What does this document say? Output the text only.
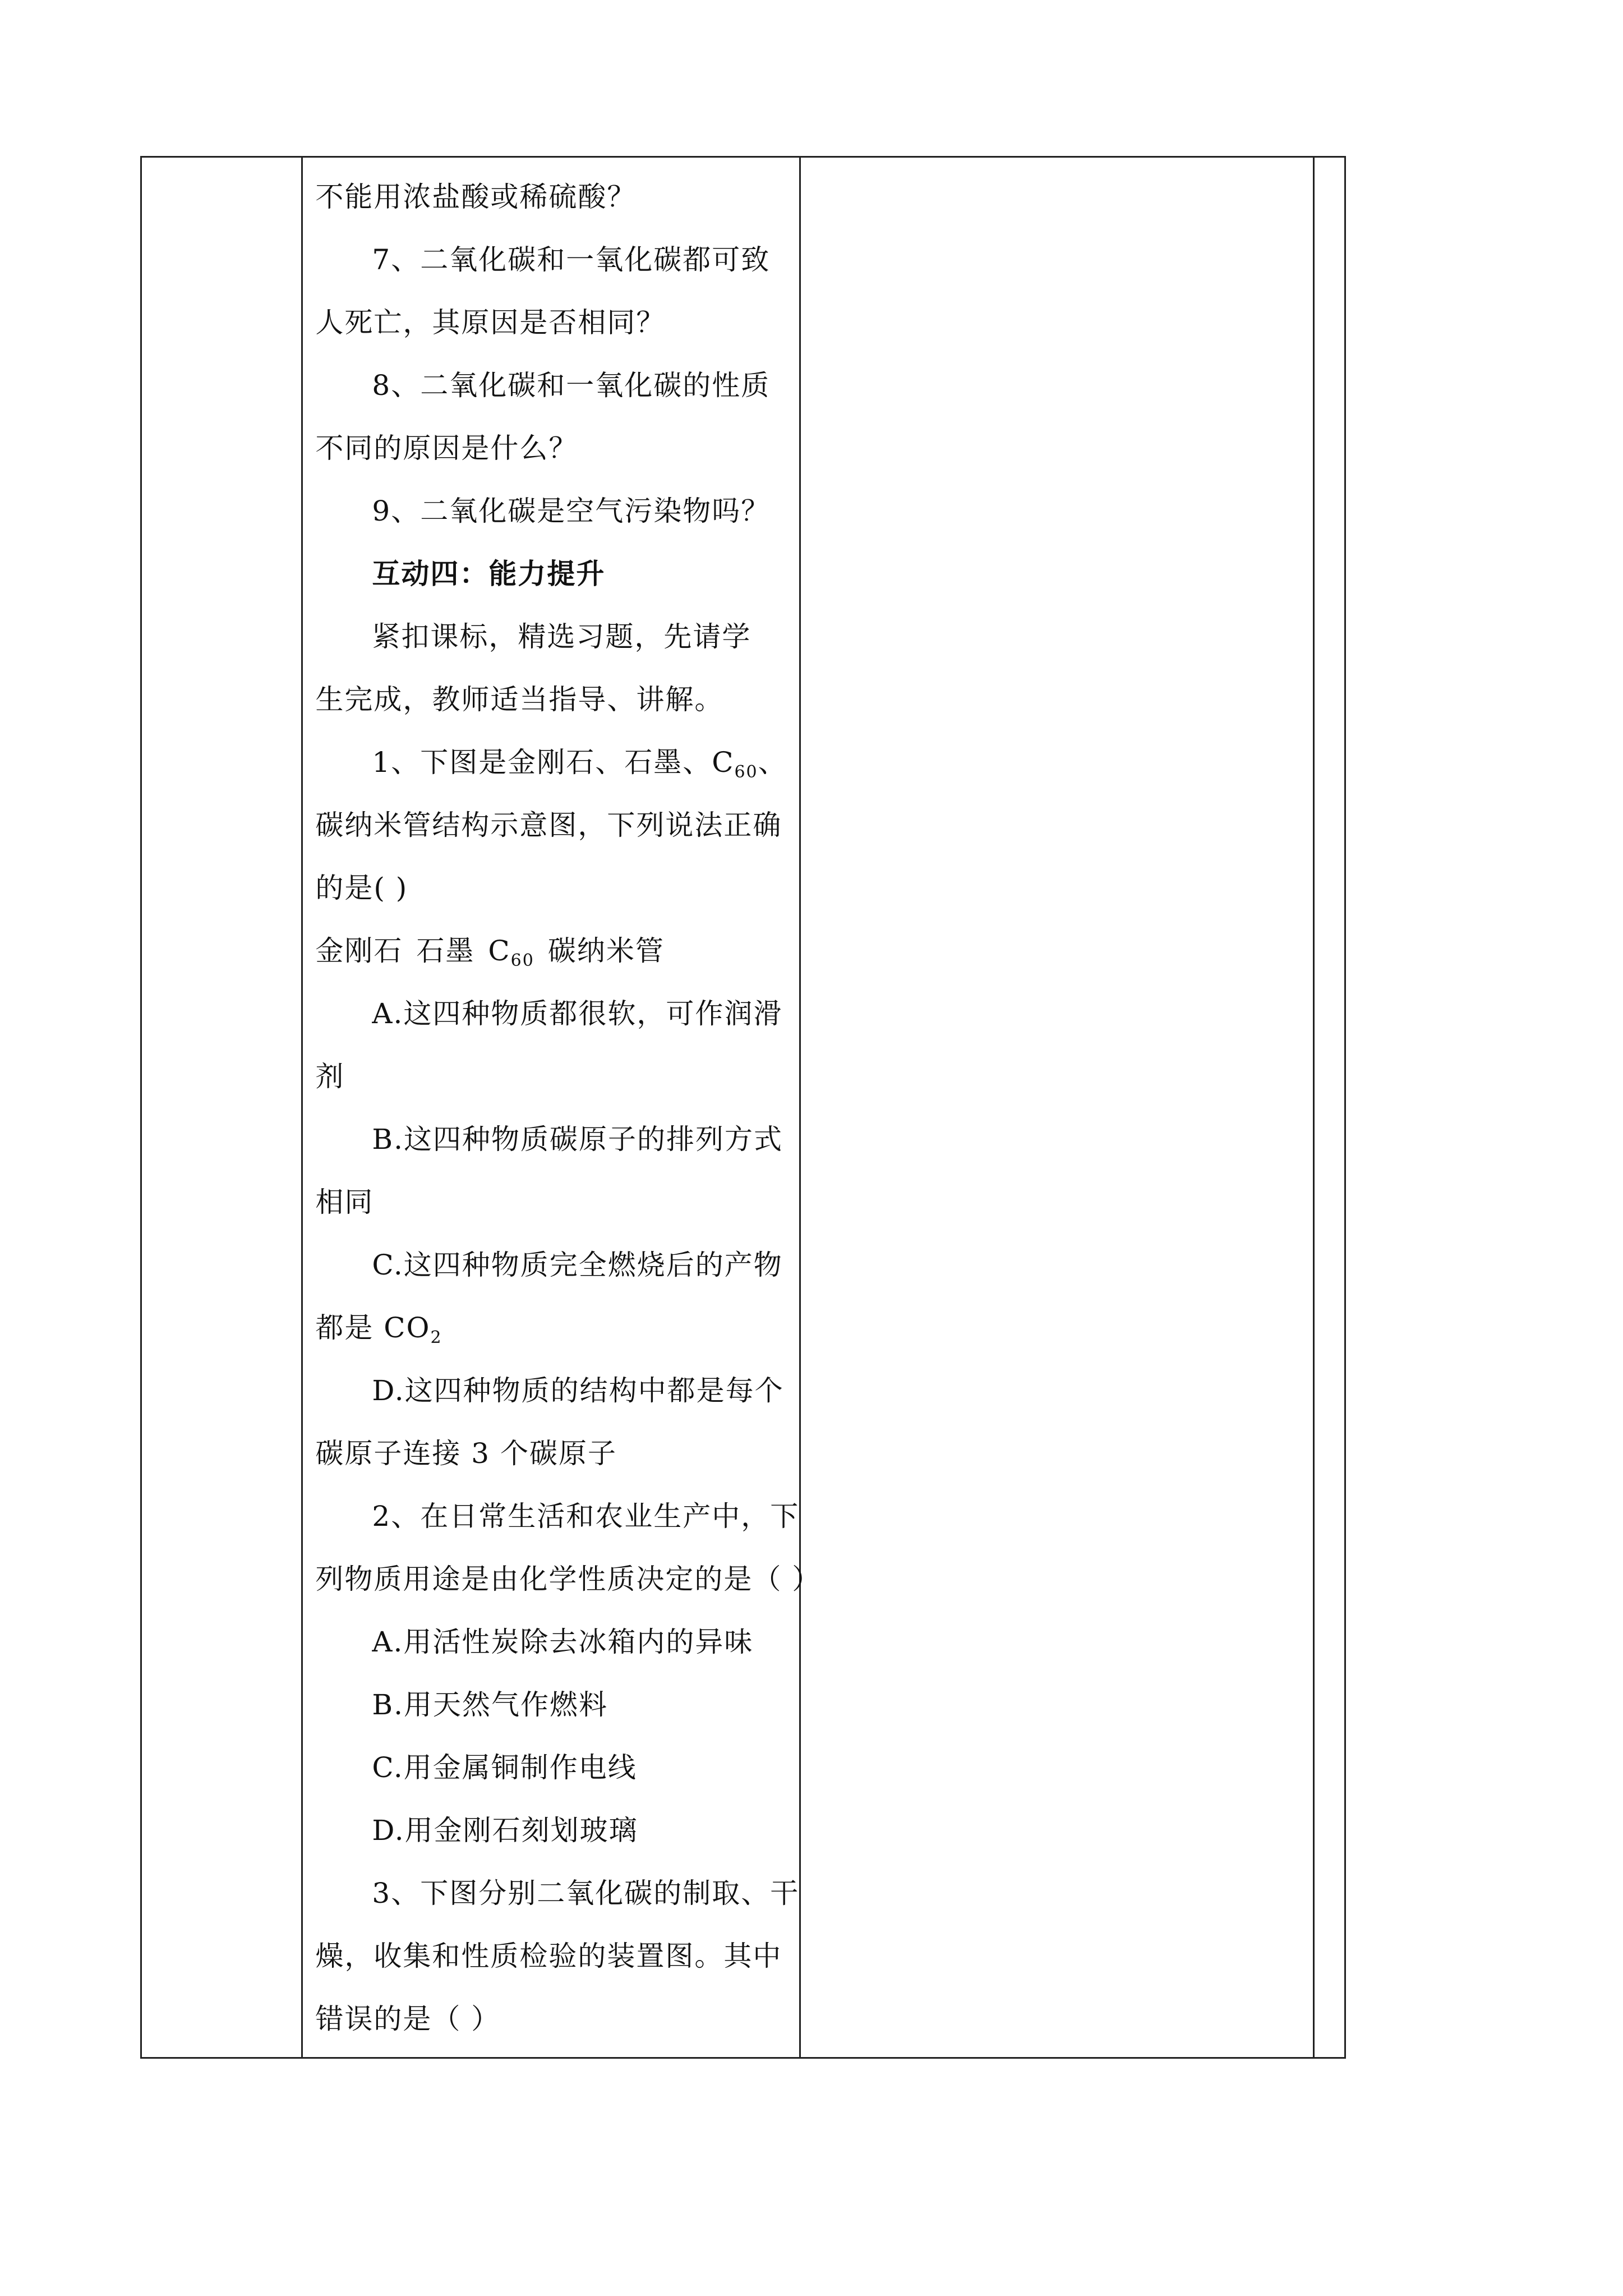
不能用浓盐酸或稀硫酸？
7、二氧化碳和一氧化碳都可致
人死亡，其原因是否相同？
8、二氧化碳和一氧化碳的性质
不同的原因是什么？
9、二氧化碳是空气污染物吗？
互动四：能力提升
紧扣课标，精选习题，先请学
生完成，教师适当指导、讲解。
1、下图是金刚石、石墨、$C_{60}$、
碳纳米管结构示意图，下列说法正确
的是( )
金刚石 石墨 $C_{60}$ 碳纳米管
A.这四种物质都很软，可作润滑
剂
B.这四种物质碳原子的排列方式
相同
C.这四种物质完全燃烧后的产物
都是 $CO_2$
D.这四种物质的结构中都是每个
碳原子连接 3 个碳原子
2、在日常生活和农业生产中，下
列物质用途是由化学性质决定的是（ ）
A.用活性炭除去冰箱内的异味
B.用天然气作燃料
C.用金属铜制作电线
D.用金刚石刻划玻璃
3、下图分别二氧化碳的制取、干
燥，收集和性质检验的装置图。其中
错误的是（ ）
